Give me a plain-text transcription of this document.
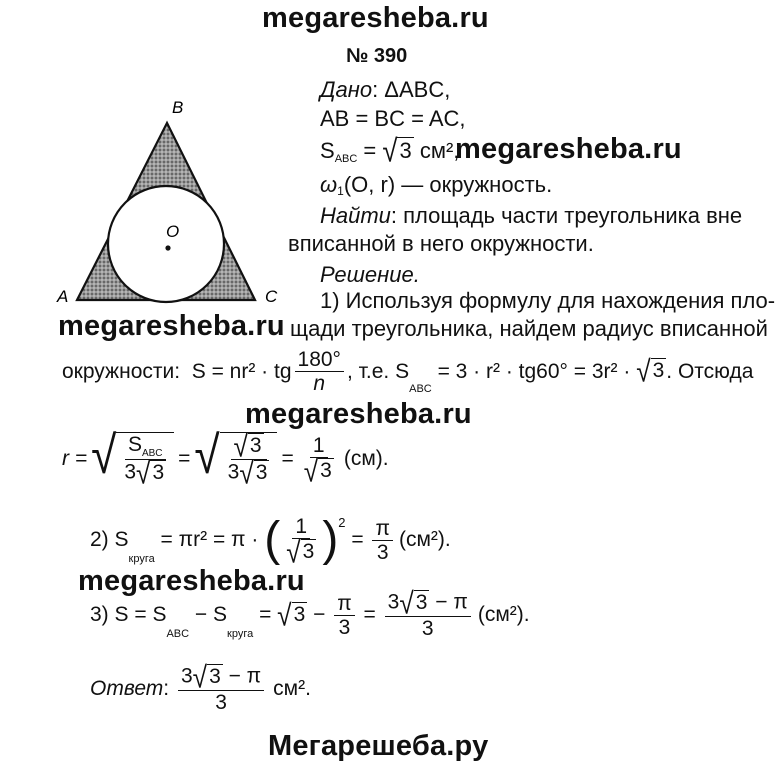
megaresheba.ru
megaresheba.ru
megaresheba.ru
megaresheba.ru
megaresheba.ru
Мегарешеба.ру
№ 390
B
A	C
O
Дано: ΔABC,
AB = BC = AC,
$S_{ABC}$ = √ 3 см²,
$\omega_1$ (O, r) — окружность.
Найти: площадь части треугольника вне
вписанной в него окружности.
Решение.
1) Используя формулу для нахождения пло-
щади треугольника, найдем радиус вписанной
окружности:
S = nr² · tg $\frac{180^\circ}{n}$ , т.е. S
$_{ABC}$
= 3 · r² · tg60° = 3r² · √ 3 . Отсюда
r = √ $\frac{S_{ABC}}{3 √ 3}$ = √ $\frac{√ 3}{3 √ 3} = \frac{1}{√ 3} (см)$.
2) S
круга
= πr² = π · ( $\frac{1}{√ 3} )^2$
= $\frac{\pi}{3} (см^2)$.
3) S = S
ABC
− S
круга
= √ $3 - \frac{\pi}{3} = \frac{3 √ 3 - \pi}{3} (см^2)$.
Ответ :
$\frac{3 √ 3 - \pi}{3} см^2$.
